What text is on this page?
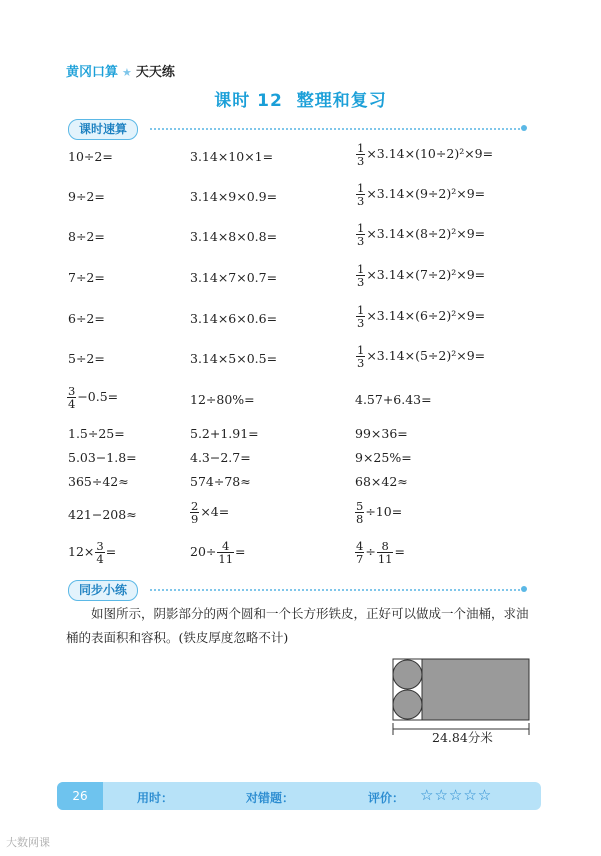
黄冈口算 ★ 天天练
课时 12 整理和复习
课时速算
10÷2=	3.14×10×1=	$\frac{1}{3} \times 3.14\times(10\div 2)^2\times 9=$
9÷2=	3.14×9×0.9=	$\frac{1}{3} \times 3.14\times(9\div 2)^2\times 9=$
8÷2=	3.14×8×0.8=	$\frac{1}{3} \times 3.14\times(8\div 2)^2\times 9=$
7÷2=	3.14×7×0.7=	$\frac{1}{3} \times 3.14\times(7\div 2)^2\times 9=$
6÷2=	3.14×6×0.6=	$\frac{1}{3} \times 3.14\times(6\div 2)^2\times 9=$
5÷2=	3.14×5×0.5=	$\frac{1}{3} \times 3.14\times(5\div 2)^2\times 9=$
$\frac{3}{4} -0.5=$	12÷80%=	4.57+6.43=
1.5÷25=	5.2+1.91=	99×36=
5.03−1.8=	4.3−2.7=	9×25%=
365÷42≈	574÷78≈	68×42≈
421−208≈	$\frac{2}{9} \times 4=$	$\frac{5}{8} \div 10=$
$12\times \frac{3}{4}$ =	$20\div \frac{4}{11}$ =	$\frac{4}{7} \div \frac{8}{11}$ =
同步小练
如图所示，阴影部分的两个圆和一个长方形铁皮，正好可以做成一个油桶，求油桶的表面积和容积。(铁皮厚度忽略不计)
24.84分米
26	用时：	对错题：	评价： ☆☆☆☆☆
大数网课
